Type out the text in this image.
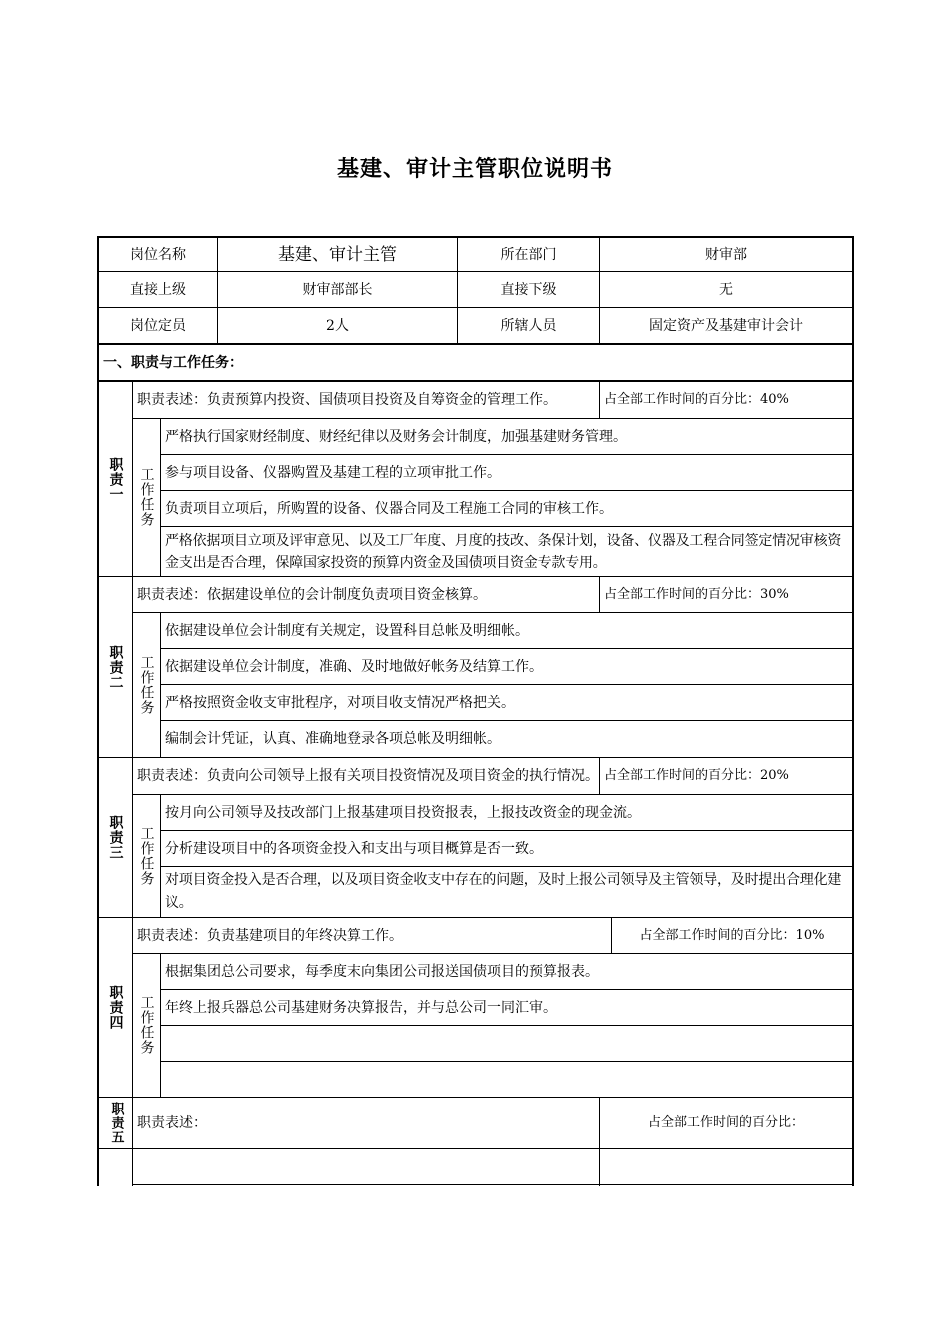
基建、审计主管职位说明书
岗位名称	基建、审计主管	所在部门	财审部
直接上级	财审部部长	直接下级	无
岗位定员	2人	所辖人员	固定资产及基建审计会计
一、职责与工作任务：
职责一
职责表述：负责预算内投资、国债项目投资及自筹资金的管理工作。	占全部工作时间的百分比：40%
工作任务
严格执行国家财经制度、财经纪律以及财务会计制度，加强基建财务管理。
参与项目设备、仪器购置及基建工程的立项审批工作。
负责项目立项后，所购置的设备、仪器合同及工程施工合同的审核工作。
严格依据项目立项及评审意见、以及工厂年度、月度的技改、条保计划，设备、仪器及工程合同签定情况审核资金支出是否合理，保障国家投资的预算内资金及国债项目资金专款专用。
职责二
职责表述：依据建设单位的会计制度负责项目资金核算。	占全部工作时间的百分比：30%
工作任务
依据建设单位会计制度有关规定，设置科目总帐及明细帐。
依据建设单位会计制度，准确、及时地做好帐务及结算工作。
严格按照资金收支审批程序，对项目收支情况严格把关。
编制会计凭证，认真、准确地登录各项总帐及明细帐。
职责三
职责表述：负责向公司领导上报有关项目投资情况及项目资金的执行情况。 占全部工作时间的百分比：20%
工作任务
按月向公司领导及技改部门上报基建项目投资报表，上报技改资金的现金流。
分析建设项目中的各项资金投入和支出与项目概算是否一致。
对项目资金投入是否合理，以及项目资金收支中存在的问题，及时上报公司领导及主管领导，及时提出合理化建议。
职责四
职责表述：负责基建项目的年终决算工作。	占全部工作时间的百分比：10%
工作任务
根据集团总公司要求，每季度末向集团公司报送国债项目的预算报表。
年终上报兵器总公司基建财务决算报告，并与总公司一同汇审。
职责五 职责表述：	占全部工作时间的百分比：
